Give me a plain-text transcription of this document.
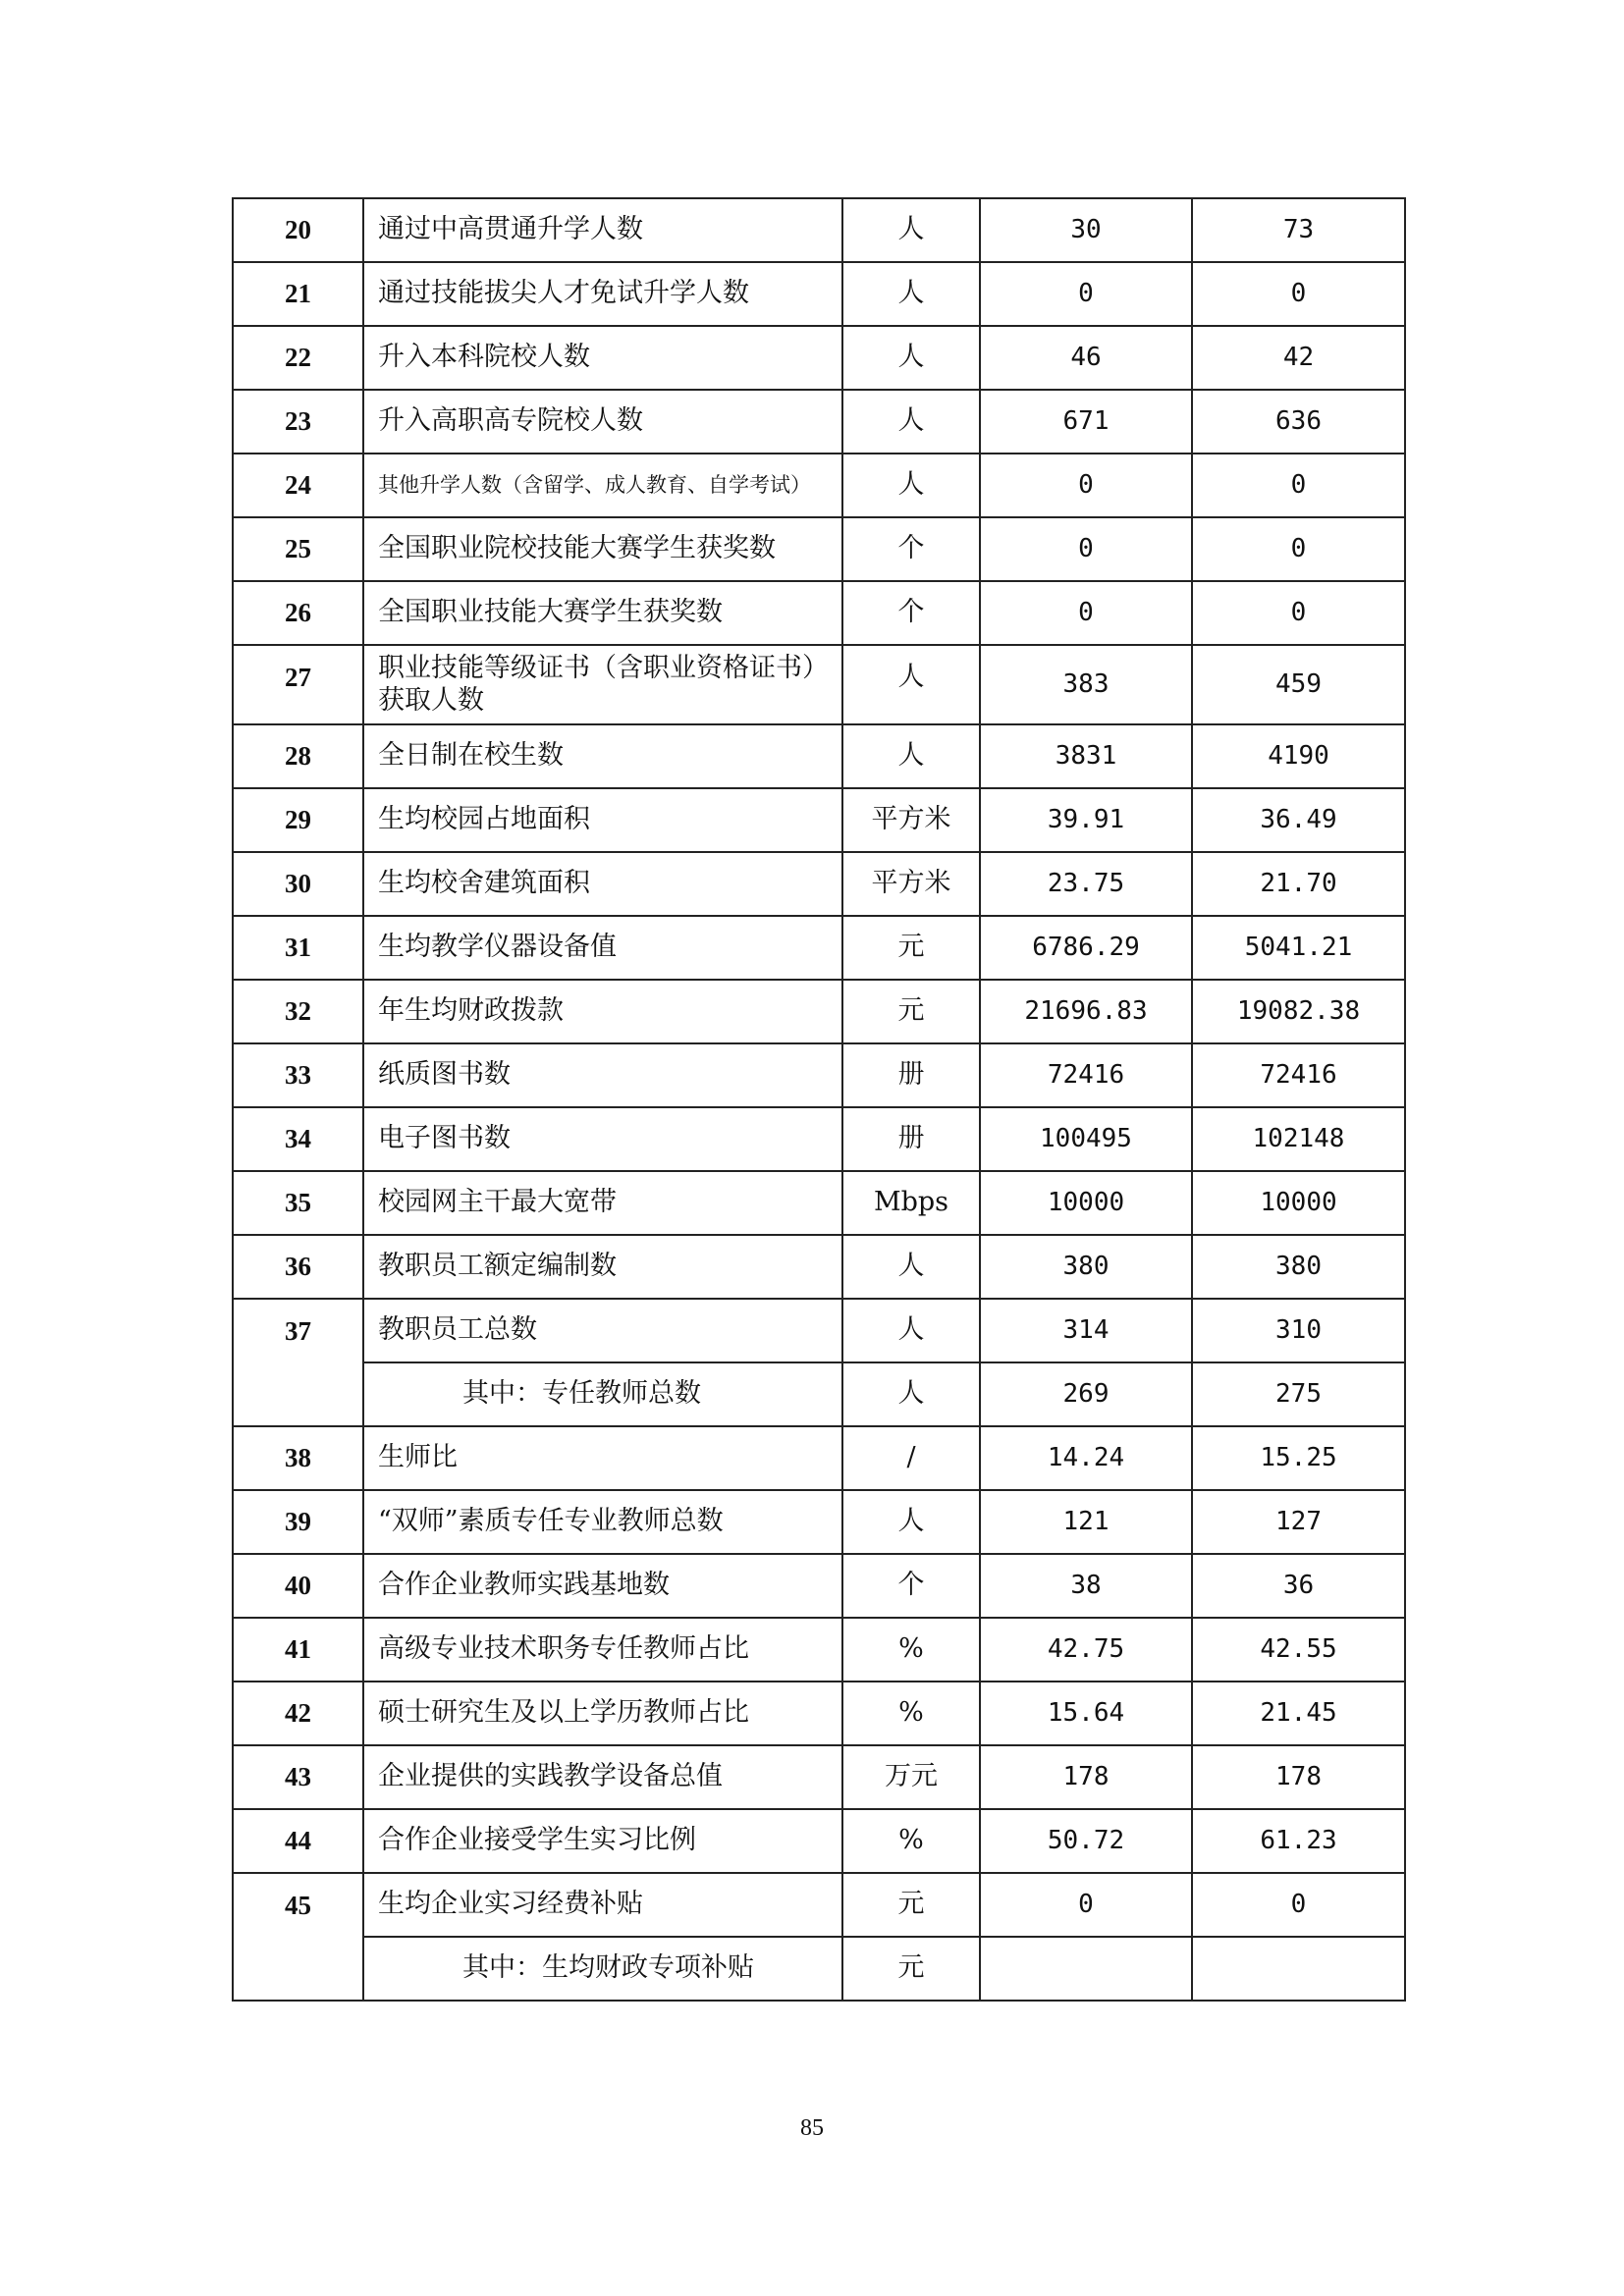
20	通过中高贯通升学人数	人	30	73
21	通过技能拔尖人才免试升学人数	人	0	0
22	升入本科院校人数	人	46	42
23	升入高职高专院校人数	人	671	636
24	其他升学人数（含留学、成人教育、自学考试）	人	0	0
25	全国职业院校技能大赛学生获奖数	个	0	0
26	全国职业技能大赛学生获奖数	个	0	0
27	职业技能等级证书（含职业资格证书）
获取人数	人	383	459
28	全日制在校生数	人	3831	4190
29	生均校园占地面积	平方米	39.91	36.49
30	生均校舍建筑面积	平方米	23.75	21.70
31	生均教学仪器设备值	元	6786.29	5041.21
32	年生均财政拨款	元	21696.83	19082.38
33	纸质图书数	册	72416	72416
34	电子图书数	册	100495	102148
35	校园网主干最大宽带	Mbps	10000	10000
36	教职员工额定编制数	人	380	380
37	教职员工总数	人	314	310
	其中：专任教师总数	人	269	275
38	生师比	/	14.24	15.25
39	“双师”素质专任专业教师总数	人	121	127
40	合作企业教师实践基地数	个	38	36
41	高级专业技术职务专任教师占比	%	42.75	42.55
42	硕士研究生及以上学历教师占比	%	15.64	21.45
43	企业提供的实践教学设备总值	万元	178	178
44	合作企业接受学生实习比例	%	50.72	61.23
45	生均企业实习经费补贴	元	0	0
	其中：生均财政专项补贴	元		
85
